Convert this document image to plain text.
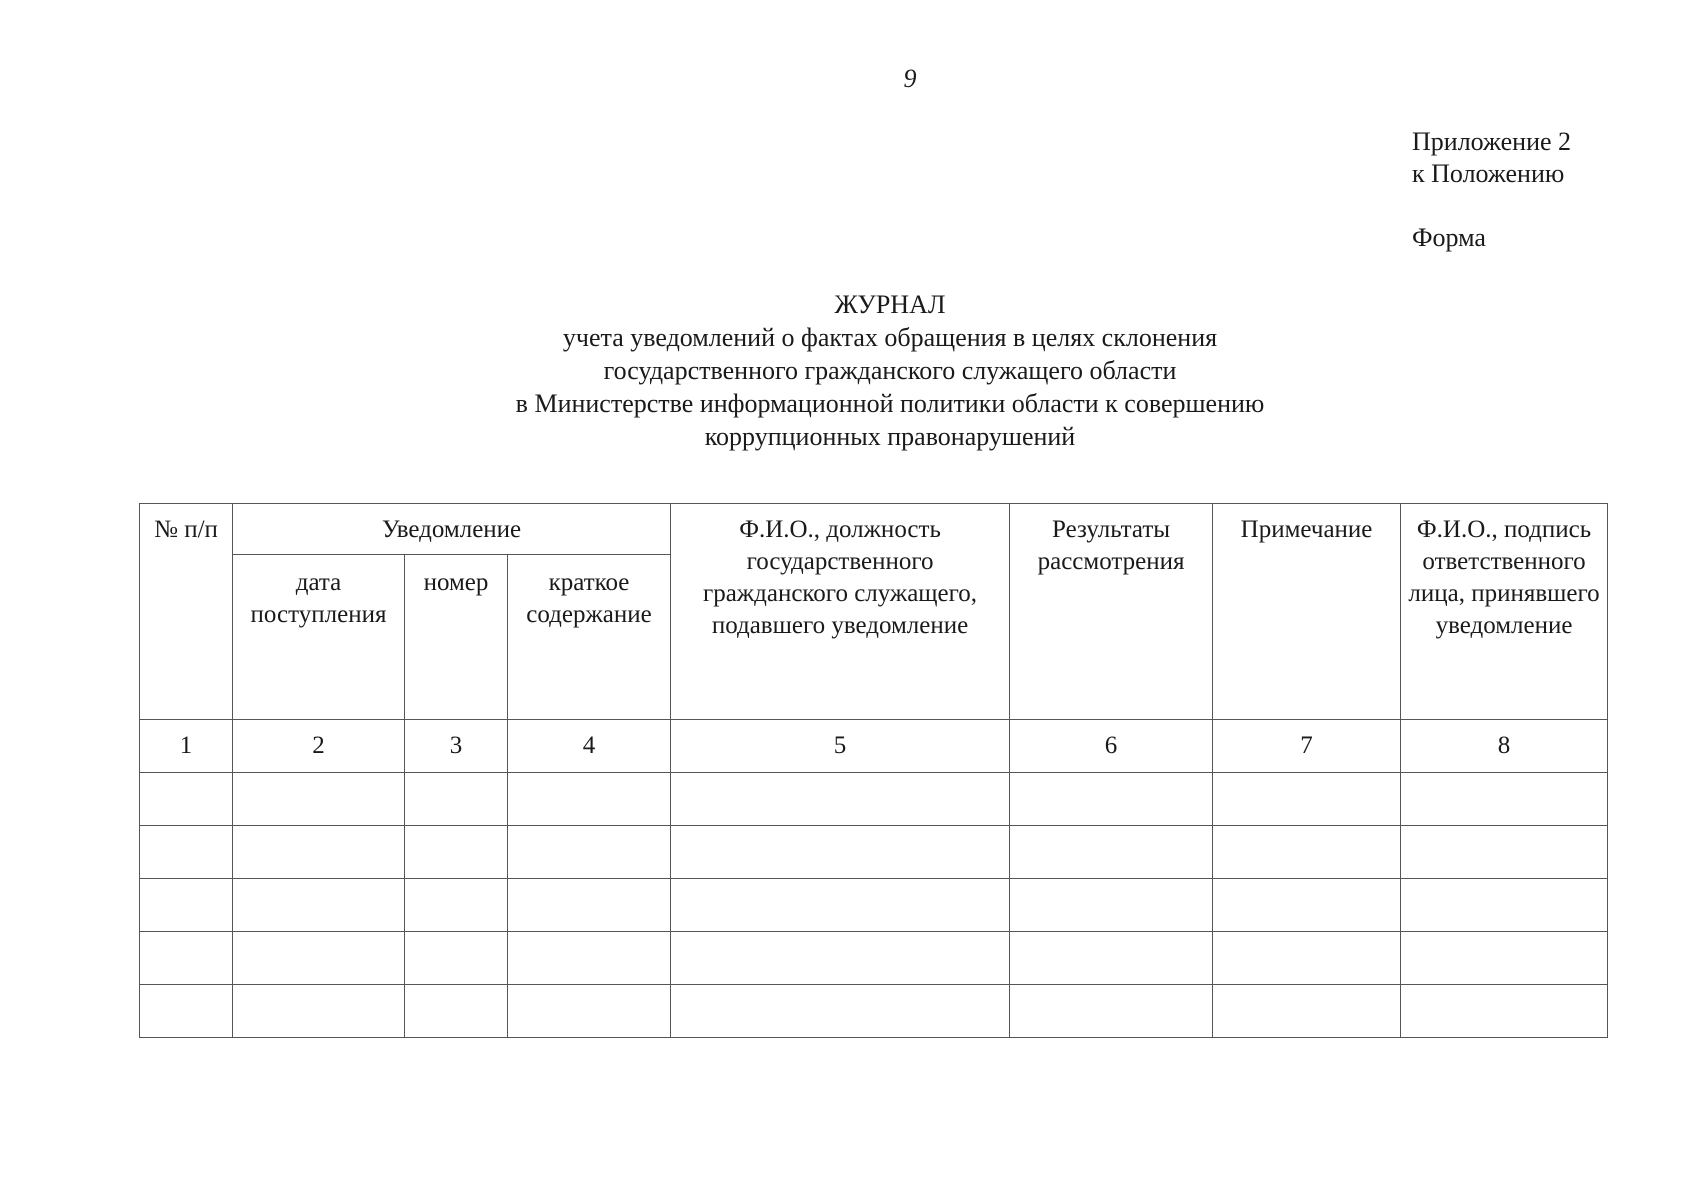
9
Приложение 2
к Положению
Форма
ЖУРНАЛ
учета уведомлений о фактах обращения в целях склонения
государственного гражданского служащего области
в Министерстве информационной политики области к совершению
коррупционных правонарушений
№ п/п	Уведомление			Ф.И.О., должность государственного гражданского служащего, подавшего уведомление	Результаты рассмотрения	Примечание	Ф.И.О., подпись ответственного лица, принявшего уведомление
	дата поступления	номер	краткое содержание				
1	2	3	4	5	6	7	8
